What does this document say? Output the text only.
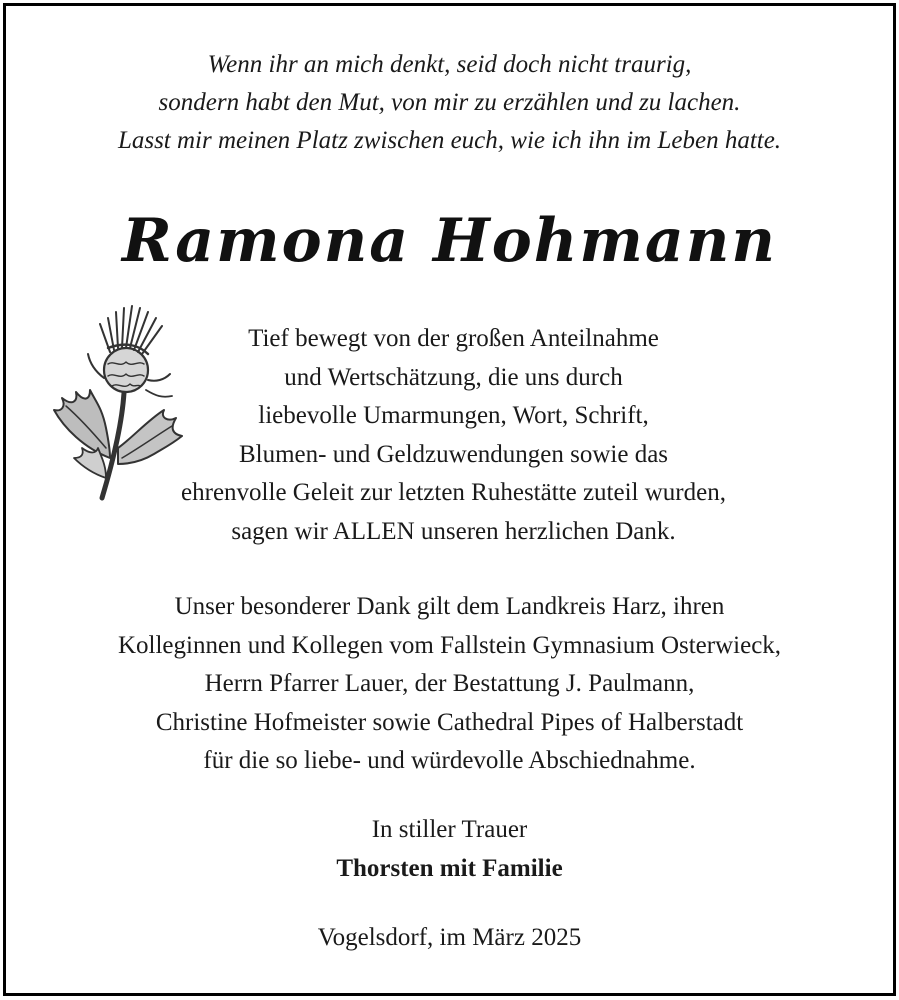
Wenn ihr an mich denkt, seid doch nicht traurig,
sondern habt den Mut, von mir zu erzählen und zu lachen.
Lasst mir meinen Platz zwischen euch, wie ich ihn im Leben hatte.
Ramona Hohmann
Tief bewegt von der großen Anteilnahme
und Wertschätzung, die uns durch
liebevolle Umarmungen, Wort, Schrift,
Blumen- und Geldzuwendungen sowie das
ehrenvolle Geleit zur letzten Ruhestätte zuteil wurden,
sagen wir ALLEN unseren herzlichen Dank.
Unser besonderer Dank gilt dem Landkreis Harz, ihren
Kolleginnen und Kollegen vom Fallstein Gymnasium Osterwieck,
Herrn Pfarrer Lauer, der Bestattung J. Paulmann,
Christine Hofmeister sowie Cathedral Pipes of Halberstadt
für die so liebe- und würdevolle Abschiednahme.
In stiller Trauer
Thorsten mit Familie
Vogelsdorf, im März 2025
